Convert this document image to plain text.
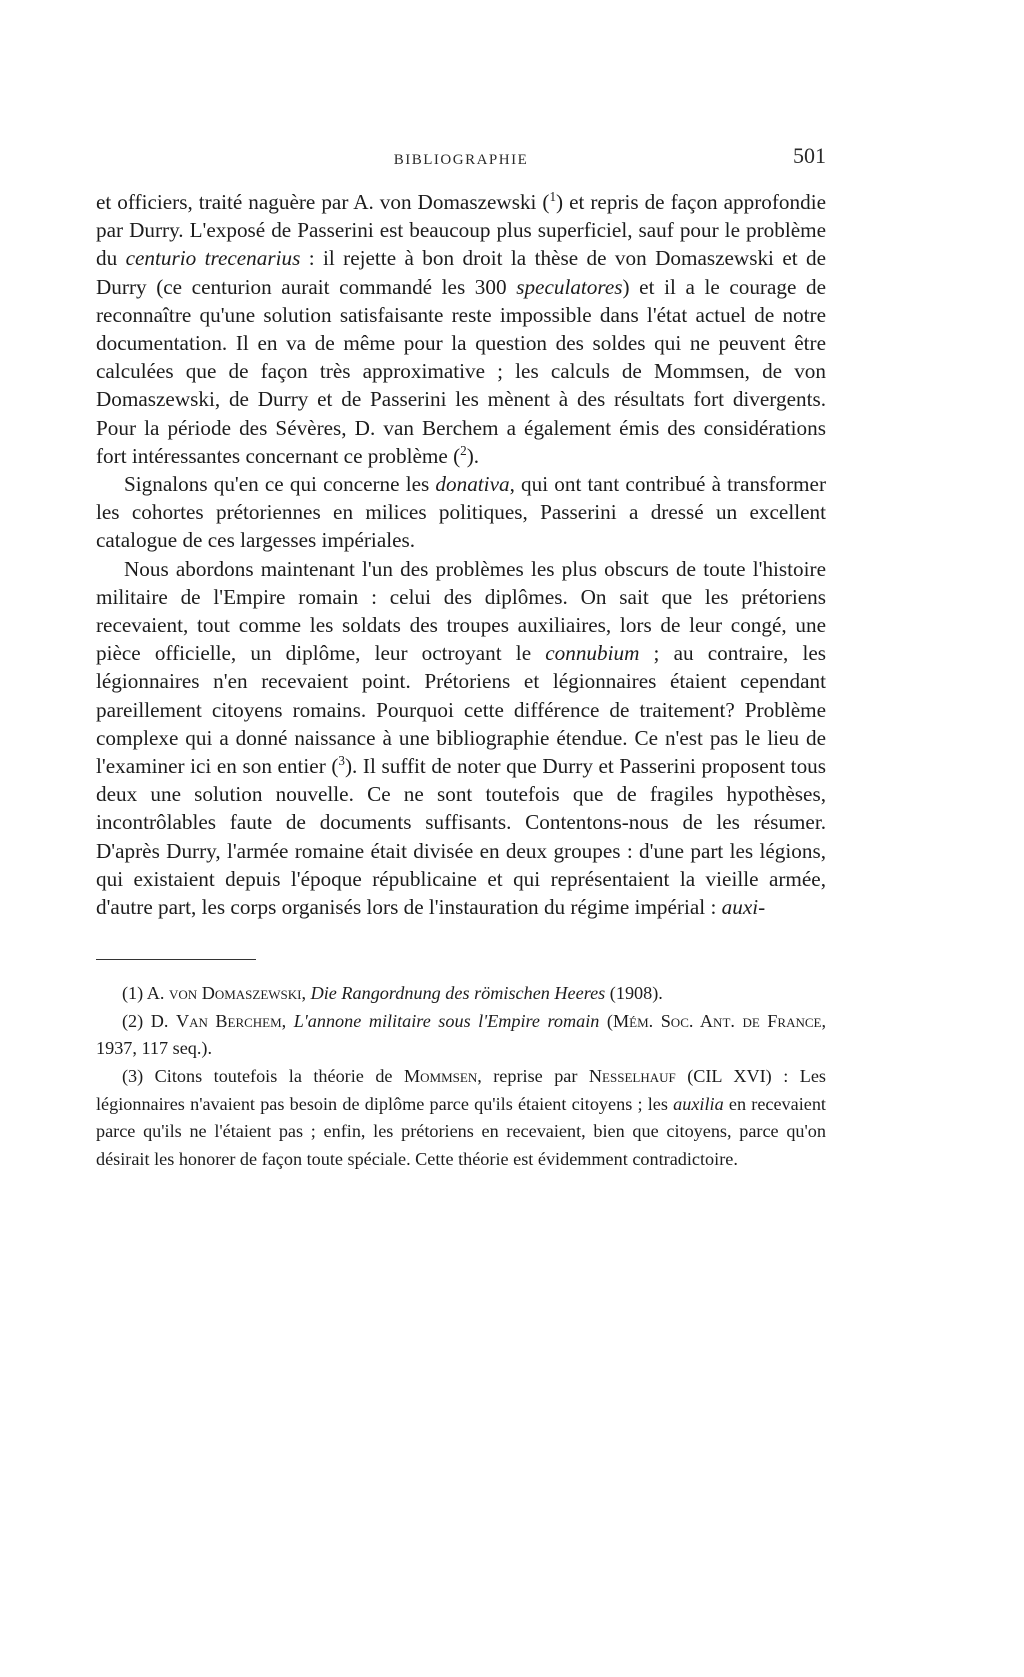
BIBLIOGRAPHIE	501

et officiers, traité naguère par A. von Domaszewski ($^1$) et repris de façon approfondie par Durry. L'exposé de Passerini est beaucoup plus superficiel, sauf pour le problème du centurio trecenarius : il rejette à bon droit la thèse de von Domaszewski et de Durry (ce centurion aurait commandé les 300 speculatores) et il a le courage de reconnaître qu'une solution satisfaisante reste impossible dans l'état actuel de notre documentation. Il en va de même pour la question des soldes qui ne peuvent être calculées que de façon très approximative ; les calculs de Mommsen, de von Domaszewski, de Durry et de Passerini les mènent à des résultats fort divergents. Pour la période des Sévères, D. van Berchem a également émis des considérations fort intéressantes concernant ce problème ($^2$).

Signalons qu'en ce qui concerne les donativa, qui ont tant contribué à transformer les cohortes prétoriennes en milices politiques, Passerini a dressé un excellent catalogue de ces largesses impériales.

Nous abordons maintenant l'un des problèmes les plus obscurs de toute l'histoire militaire de l'Empire romain : celui des diplômes. On sait que les prétoriens recevaient, tout comme les soldats des troupes auxiliaires, lors de leur congé, une pièce officielle, un diplôme, leur octroyant le connubium ; au contraire, les légionnaires n'en recevaient point. Prétoriens et légionnaires étaient cependant pareillement citoyens romains. Pourquoi cette différence de traitement? Problème complexe qui a donné naissance à une bibliographie étendue. Ce n'est pas le lieu de l'examiner ici en son entier ($^3$). Il suffit de noter que Durry et Passerini proposent tous deux une solution nouvelle. Ce ne sont toutefois que de fragiles hypothèses, incontrôlables faute de documents suffisants. Contentons-nous de les résumer. D'après Durry, l'armée romaine était divisée en deux groupes : d'une part les légions, qui existaient depuis l'époque républicaine et qui représentaient la vieille armée, d'autre part, les corps organisés lors de l'instauration du régime impérial : auxi-

(1) A. von Domaszewski, Die Rangordnung des römischen Heeres (1908).

(2) D. Van Berchem, L'annone militaire sous l'Empire romain (Mém. Soc. Ant. de France, 1937, 117 seq.).

(3) Citons toutefois la théorie de Mommsen, reprise par Nesselhauf (CIL XVI) : Les légionnaires n'avaient pas besoin de diplôme parce qu'ils étaient citoyens ; les auxilia en recevaient parce qu'ils ne l'étaient pas ; enfin, les prétoriens en recevaient, bien que citoyens, parce qu'on désirait les honorer de façon toute spéciale. Cette théorie est évidemment contradictoire.
